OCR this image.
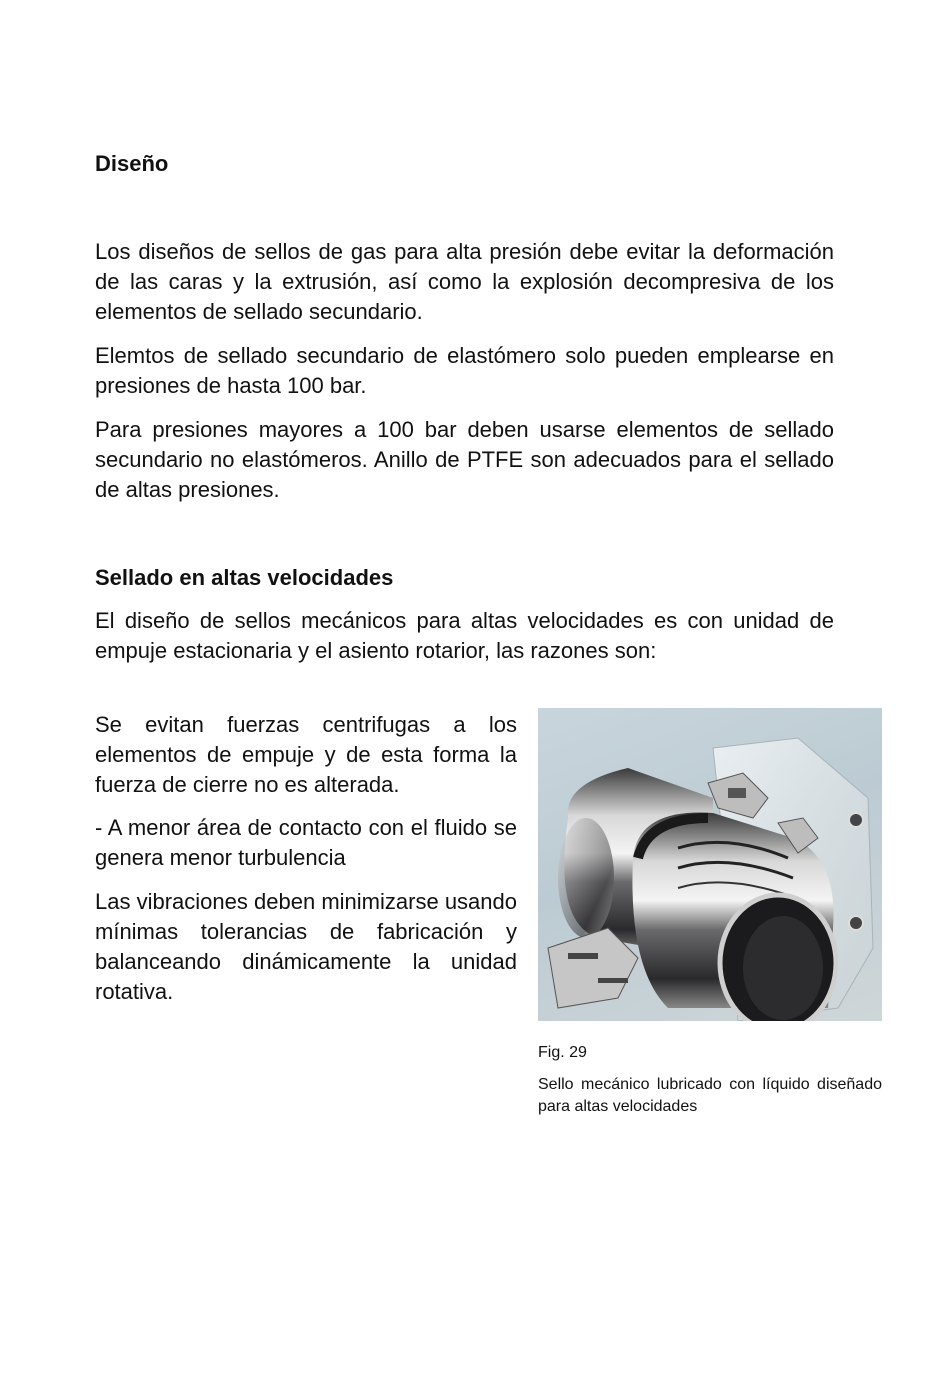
Diseño

Los diseños de sellos de gas para alta presión debe evitar la deformación de las caras y la extrusión, así como la explosión decompresiva de los elementos de sellado secundario.

Elemtos de sellado secundario de elastómero solo pueden emplearse en presiones de hasta 100 bar.

Para presiones mayores a 100 bar deben usarse elementos de sellado secundario no elastómeros. Anillo de PTFE son adecuados para el sellado de altas presiones.

Sellado en altas velocidades

El diseño de sellos mecánicos para altas velocidades es con unidad de empuje estacionaria y el asiento rotarior, las razones son:

Se evitan fuerzas centrifugas a los elementos de empuje y de esta forma la fuerza de cierre no es alterada.

- A menor área de contacto con el fluido se genera menor turbulencia

Las vibraciones deben minimizarse usando mínimas tolerancias de fabricación y balanceando dinámicamente la unidad rotativa.

Fig. 29

Sello mecánico lubricado con líquido diseñado para altas velocidades
